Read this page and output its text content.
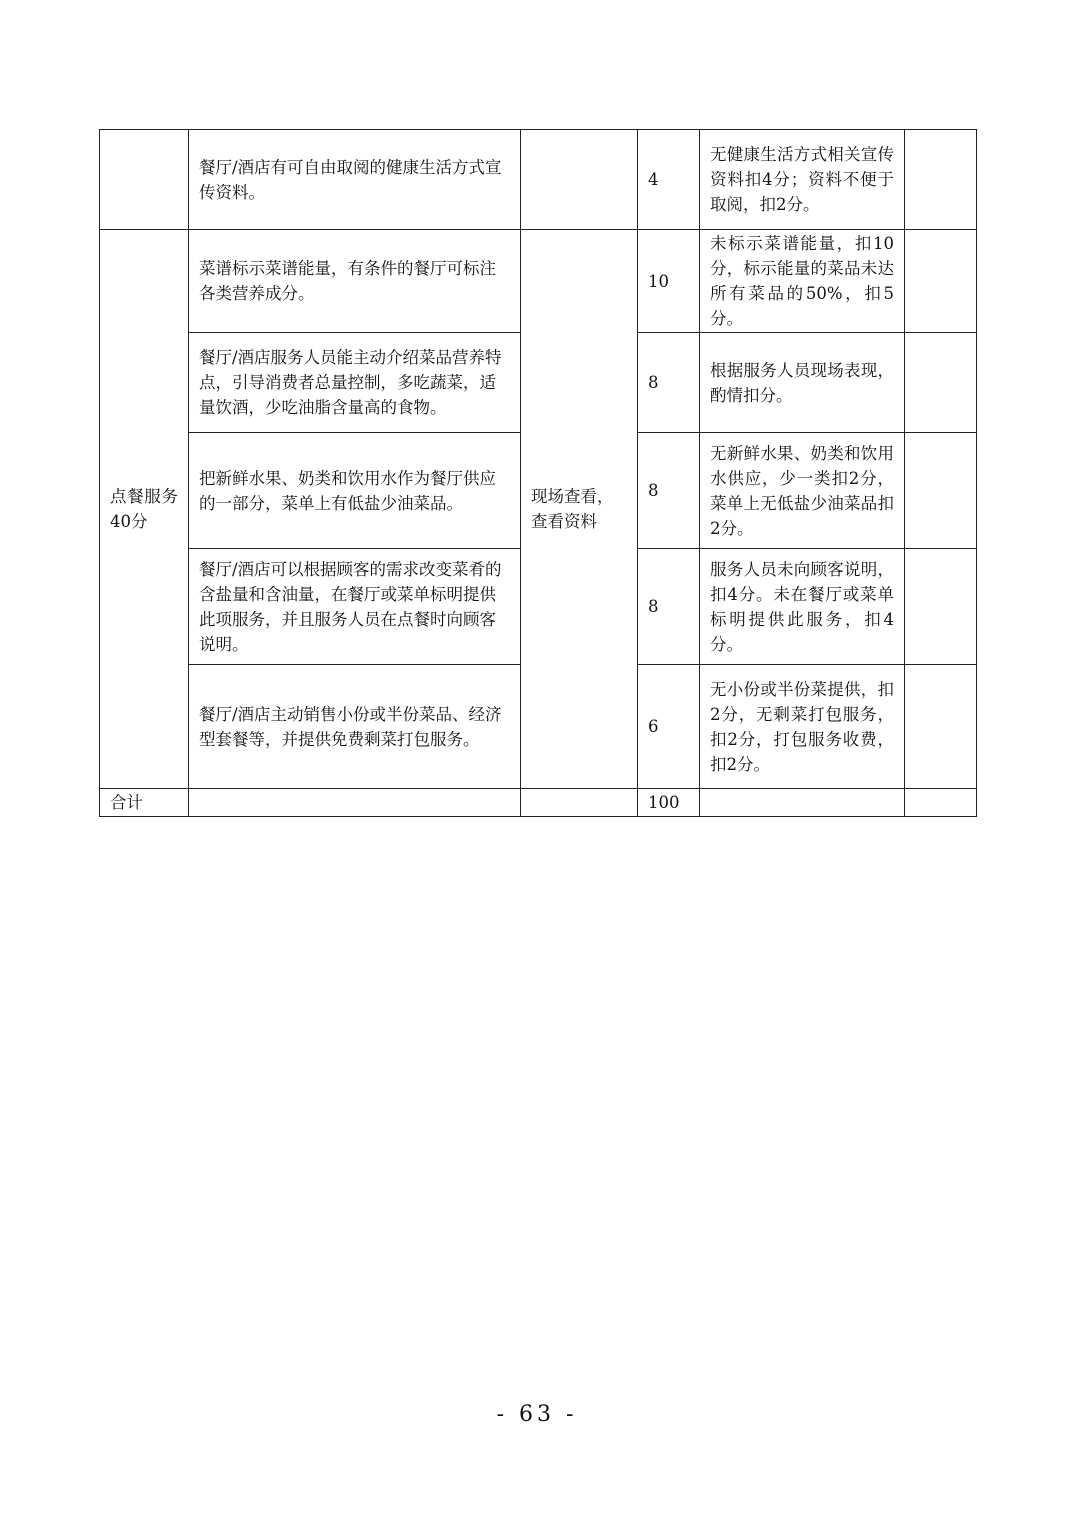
	餐厅/酒店有可自由取阅的健康生活方式宣传资料。		4	无健康生活方式相关宣传资料扣4分；资料不便于取阅，扣2分。	
点餐服务40分	菜谱标示菜谱能量，有条件的餐厅可标注各类营养成分。	现场查看，查看资料	10	未标示菜谱能量，扣10分，标示能量的菜品未达所有菜品的50%，扣5分。	
	餐厅/酒店服务人员能主动介绍菜品营养特点，引导消费者总量控制，多吃蔬菜，适量饮酒，少吃油脂含量高的食物。		8	根据服务人员现场表现，酌情扣分。	
	把新鲜水果、奶类和饮用水作为餐厅供应的一部分，菜单上有低盐少油菜品。		8	无新鲜水果、奶类和饮用水供应，少一类扣2分，菜单上无低盐少油菜品扣2分。	
	餐厅/酒店可以根据顾客的需求改变菜肴的含盐量和含油量，在餐厅或菜单标明提供此项服务，并且服务人员在点餐时向顾客说明。		8	服务人员未向顾客说明，扣4分。未在餐厅或菜单标明提供此服务，扣4分。	
	餐厅/酒店主动销售小份或半份菜品、经济型套餐等，并提供免费剩菜打包服务。		6	无小份或半份菜提供，扣2分，无剩菜打包服务，扣2分，打包服务收费，扣2分。	
合计			100		
- 63 -
